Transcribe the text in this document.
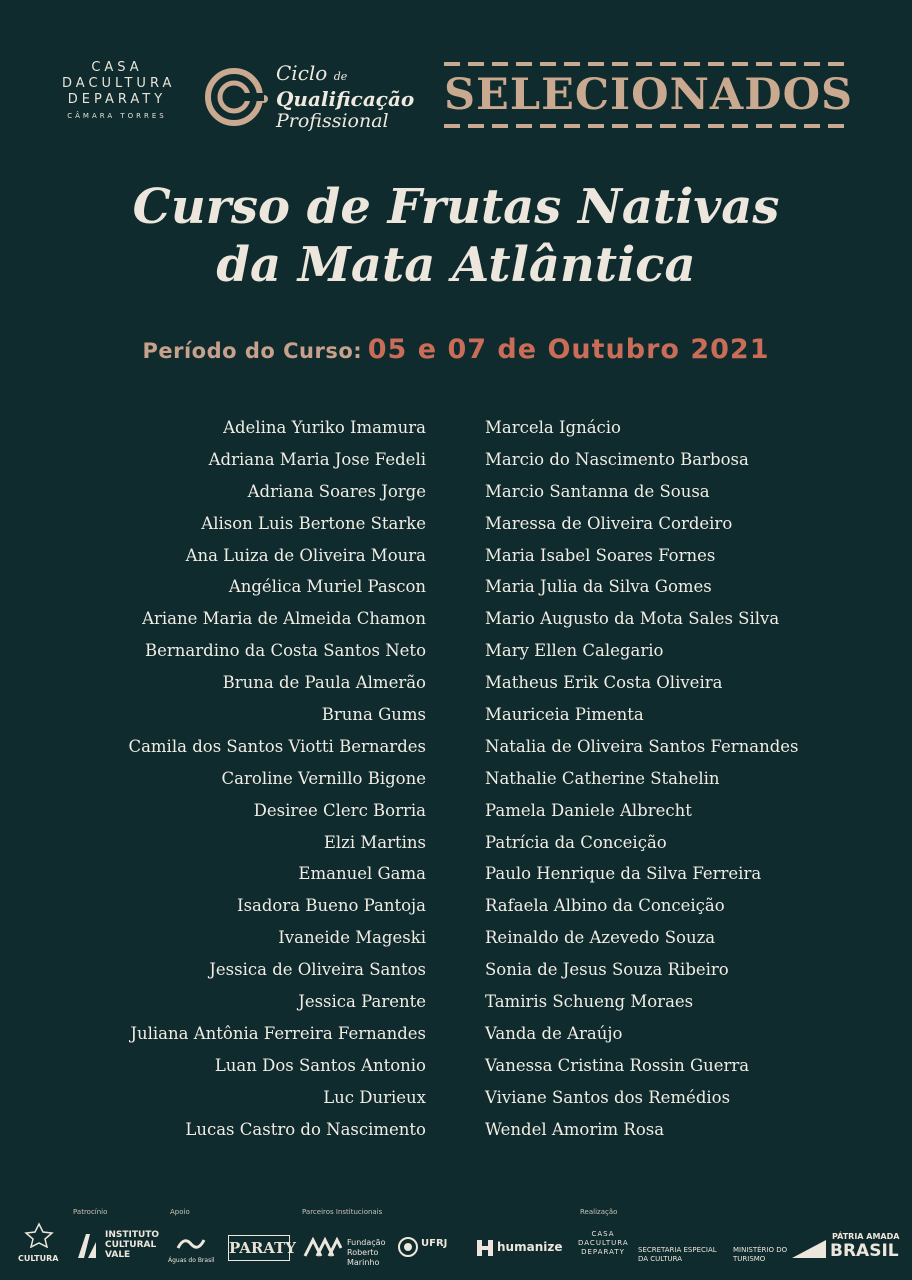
CASA
DACULTURA
DEPARATY
CÂMARA TORRES
Ciclo de
Qualificação
Profissional
SELECIONADOS
Curso de Frutas Nativas
da Mata Atlântica
Período do Curso: 05 e 07 de Outubro 2021
Adelina Yuriko Imamura
Adriana Maria Jose Fedeli
Adriana Soares Jorge
Alison Luis Bertone Starke
Ana Luiza de Oliveira Moura
Angélica Muriel Pascon
Ariane Maria de Almeida Chamon
Bernardino da Costa Santos Neto
Bruna de Paula Almerão
Bruna Gums
Camila dos Santos Viotti Bernardes
Caroline Vernillo Bigone
Desiree Clerc Borria
Elzi Martins
Emanuel Gama
Isadora Bueno Pantoja
Ivaneide Mageski
Jessica de Oliveira Santos
Jessica Parente
Juliana Antônia Ferreira Fernandes
Luan Dos Santos Antonio
Luc Durieux
Lucas Castro do Nascimento
Marcela Ignácio
Marcio do Nascimento Barbosa
Marcio Santanna de Sousa
Maressa de Oliveira Cordeiro
Maria Isabel Soares Fornes
Maria Julia da Silva Gomes
Mario Augusto da Mota Sales Silva
Mary Ellen Calegario
Matheus Erik Costa Oliveira
Mauriceia Pimenta
Natalia de Oliveira Santos Fernandes
Nathalie Catherine Stahelin
Pamela Daniele Albrecht
Patrícia da Conceição
Paulo Henrique da Silva Ferreira
Rafaela Albino da Conceição
Reinaldo de Azevedo Souza
Sonia de Jesus Souza Ribeiro
Tamiris Schueng Moraes
Vanda de Araújo
Vanessa Cristina Rossin Guerra
Viviane Santos dos Remédios
Wendel Amorim Rosa
Patrocínio	Apoio	Parceiros Institucionais	Realização
CULTURA
INSTITUTO CULTURAL VALE
Águas do Brasil
PARATY	Fundação Roberto Marinho
UFRJ	humanize
CASA DACULTURA DEPARATY	SECRETARIA ESPECIAL DA CULTURA
MINISTÉRIO DO TURISMO
PÁTRIA AMADA
BRASIL
